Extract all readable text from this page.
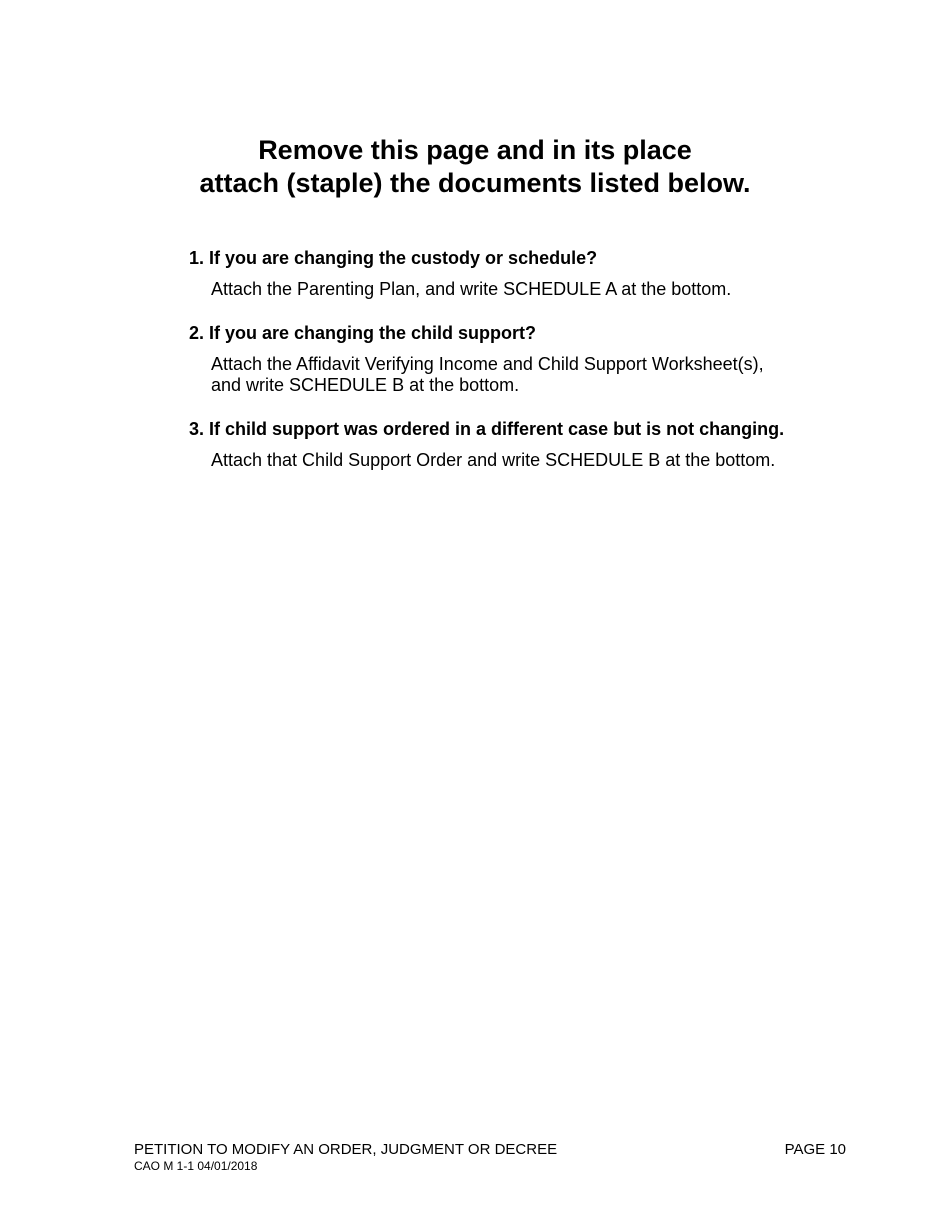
Remove this page and in its place
attach (staple) the documents listed below.

1. If you are changing the custody or schedule?

Attach the Parenting Plan, and write SCHEDULE A at the bottom.

2. If you are changing the child support?

Attach the Affidavit Verifying Income and Child Support Worksheet(s),
and write SCHEDULE B at the bottom.

3. If child support was ordered in a different case but is not changing.

Attach that Child Support Order and write SCHEDULE B at the bottom.

PETITION TO MODIFY AN ORDER, JUDGMENT OR DECREE
CAO M 1-1 04/01/2018
PAGE 10
